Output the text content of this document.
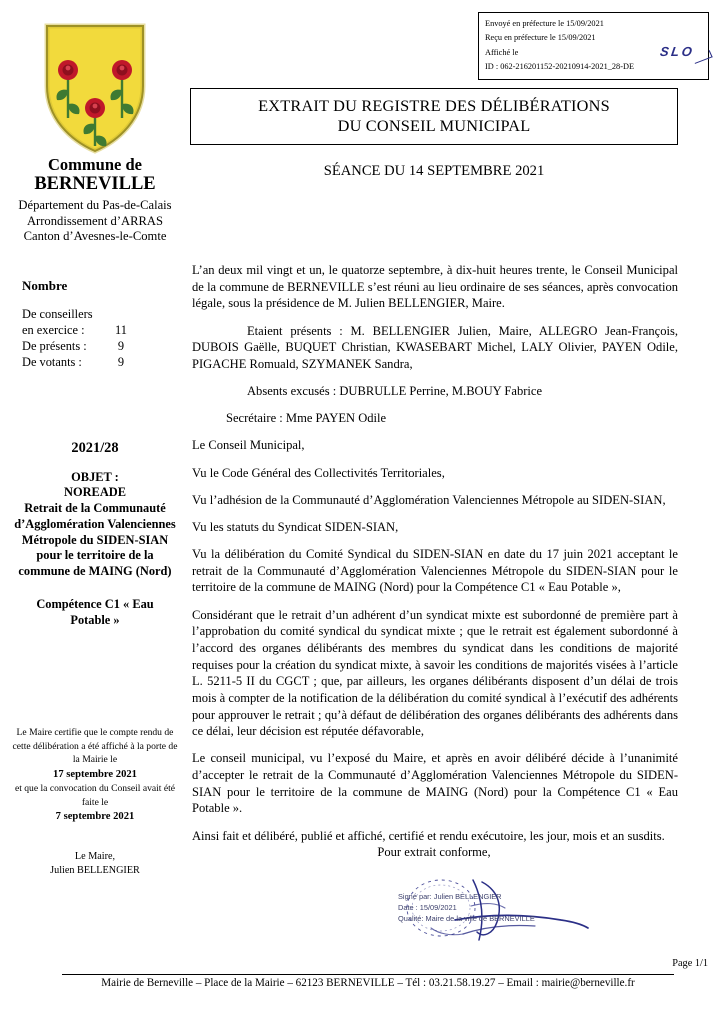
Envoyé en préfecture le 15/09/2021
Reçu en préfecture le 15/09/2021
Affiché le	SLO
ID : 062-216201152-20210914-2021_28-DE
Commune de
BERNEVILLE
Département du Pas-de-Calais
Arrondissement d’ARRAS
Canton d’Avesnes-le-Comte
Nombre
De conseillers
en exercice :	11
De présents :	9
De votants :	9
2021/28
OBJET :
NOREADE
Retrait de la Communauté d’Agglomération Valenciennes Métropole du SIDEN-SIAN pour le territoire de la commune de MAING (Nord)
Compétence C1 « Eau Potable »
Le Maire certifie que le compte rendu de cette délibération a été affiché à la porte de la Mairie le
17 septembre 2021
et que la convocation du Conseil avait été faite le
7 septembre 2021
Le Maire,
Julien BELLENGIER
EXTRAIT DU REGISTRE DES DÉLIBÉRATIONS
DU CONSEIL MUNICIPAL
SÉANCE DU 14 SEPTEMBRE 2021

L’an deux mil vingt et un, le quatorze septembre, à dix-huit heures trente, le Conseil Municipal de la commune de BERNEVILLE s’est réuni au lieu ordinaire de ses séances, après convocation légale, sous la présidence de M. Julien BELLENGIER, Maire.

Etaient présents : M. BELLENGIER Julien, Maire, ALLEGRO Jean-François, DUBOIS Gaëlle, BUQUET Christian, KWASEBART Michel, LALY Olivier, PAYEN Odile, PIGACHE Romuald, SZYMANEK Sandra,

Absents excusés : DUBRULLE Perrine, M.BOUY Fabrice

Secrétaire : Mme PAYEN Odile

Le Conseil Municipal,

Vu le Code Général des Collectivités Territoriales,

Vu l’adhésion de la Communauté d’Agglomération Valenciennes Métropole au SIDEN-SIAN,

Vu les statuts du Syndicat SIDEN-SIAN,

Vu la délibération du Comité Syndical du SIDEN-SIAN en date du 17 juin 2021 acceptant le retrait de la Communauté d’Agglomération Valenciennes Métropole du SIDEN-SIAN pour le territoire de la commune de MAING (Nord) pour la Compétence C1 « Eau Potable »,

Considérant que le retrait d’un adhérent d’un syndicat mixte est subordonné de première part à l’approbation du comité syndical du syndicat mixte ; que le retrait est également subordonné à l’accord des organes délibérants des membres du syndicat dans les conditions de majorité requises pour la création du syndicat mixte, à savoir les conditions de majorités visées à l’article L. 5211-5 II du CGCT ; que, par ailleurs, les organes délibérants disposent d’un délai de trois mois à compter de la notification de la délibération du comité syndical à l’exécutif des adhérents pour approuver le retrait ; qu’à défaut de délibération des organes délibérants des adhérents dans ce délai, leur décision est réputée défavorable,

Le conseil municipal, vu l’exposé du Maire, et après en avoir délibéré décide à l’unanimité d’accepter le retrait de la Communauté d’Agglomération Valenciennes Métropole du SIDEN-SIAN pour le territoire de la commune de MAING (Nord) pour la Compétence C1 « Eau Potable ».

Ainsi fait et délibéré, publié et affiché, certifié et rendu exécutoire, les jour, mois et an susdits.

Pour extrait conforme,
Signé par: Julien BELLENGIER
Date : 15/09/2021
Qualité: Maire de la ville de BERNEVILLE
Page 1/1
Mairie de Berneville – Place de la Mairie – 62123 BERNEVILLE – Tél : 03.21.58.19.27 – Email : mairie@berneville.fr
